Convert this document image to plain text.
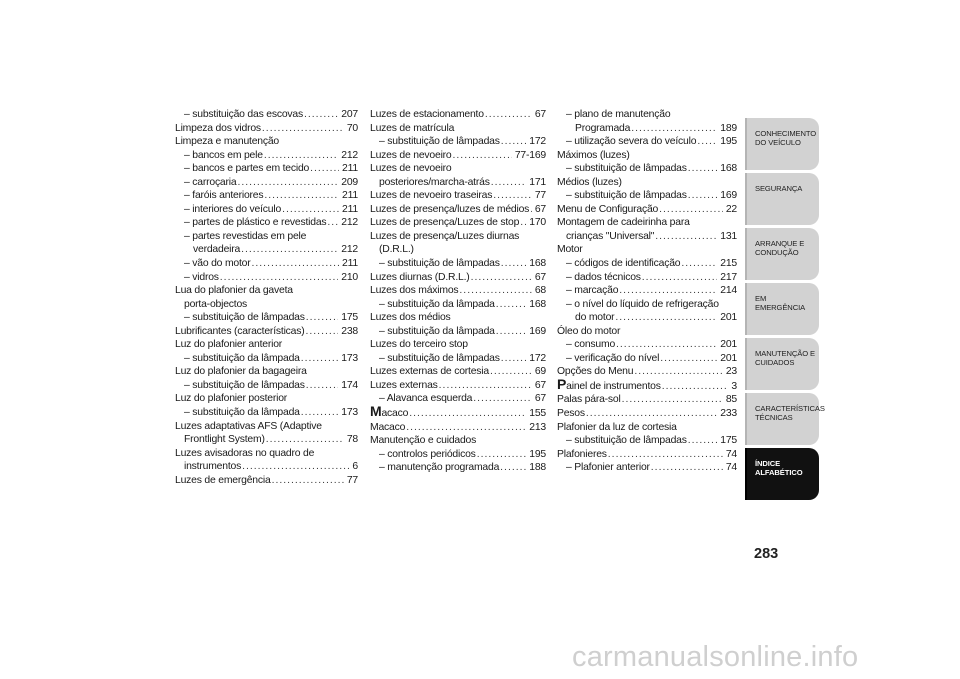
– substituição das escovas .....	207
Limpeza dos vidros .....	70
Limpeza e manutenção
– bancos em pele .....	212
– bancos e partes em tecido .....	211
– carroçaria .....	209
– faróis anteriores .....	211
– interiores do veículo .....	211
– partes de plástico e revestidas ..... 212
– partes revestidas em pele
verdadeira .....	212
– vão do motor .....	211
– vidros .....	210
Lua do plafonier da gaveta
porta-objectos
– substituição de lâmpadas .....	175
Lubrificantes (características) .....	238
Luz do plafonier anterior
– substituição da lâmpada .....	173
Luz do plafonier da bagageira
– substituição de lâmpadas .....	174
Luz do plafonier posterior
– substituição da lâmpada .....	173
Luzes adaptativas AFS (Adaptive
Frontlight System) .....	78
Luzes avisadoras no quadro de
instrumentos .....	6
Luzes de emergência .....	77
Luzes de estacionamento .....	67
Luzes de matrícula
– substituição de lâmpadas .....	172
Luzes de nevoeiro .....	77-169
Luzes de nevoeiro
posteriores/marcha-atrás .....	171
Luzes de nevoeiro traseiras .....	77
Luzes de presença/luzes de médios ..... 67
Luzes de presença/Luzes de stop ..... 170
Luzes de presença/Luzes diurnas
(D.R.L.)
– substituição de lâmpadas .....	168
Luzes diurnas (D.R.L.) .....	67
Luzes dos máximos .....	68
– substituição da lâmpada .....	168
Luzes dos médios
– substituição da lâmpada .....	169
Luzes do terceiro stop
– substituição de lâmpadas .....	172
Luzes externas de cortesia .....	69
Luzes externas .....	67
– Alavanca esquerda .....	67
Macaco .....	155
Macaco .....	213
Manutenção e cuidados
– controlos periódicos .....	195
– manutenção programada .....	188
– plano de manutenção
Programada .....	189
– utilização severa do veículo ..... 195
Máximos (luzes)
– substituição de lâmpadas .....	168
Médios (luzes)
– substituição de lâmpadas .....	169
Menu de Configuração .....	22
Montagem de cadeirinha para
crianças "Universal" .....	131
Motor
– códigos de identificação .....	215
– dados técnicos .....	217
– marcação .....	214
– o nível do líquido de refrigeração
do motor .....	201
Óleo do motor
– consumo .....	201
– verificação do nível .....	201
Opções do Menu .....	23
Painel de instrumentos .....	3
Palas pára-sol .....	85
Pesos .....	233
Plafonier da luz de cortesia
– substituição de lâmpadas .....	175
Plafonieres .....	74
– Plafonier anterior .....	74
CONHECIMENTO
DO VEÍCULO
SEGURANÇA
ARRANQUE E
CONDUÇÃO
EM EMERGÊNCIA
MANUTENÇÃO E
CUIDADOS
CARACTERÍSTICAS
TÉCNICAS
ÍNDICE
ALFABÉTICO
283
carmanualsonline.info
